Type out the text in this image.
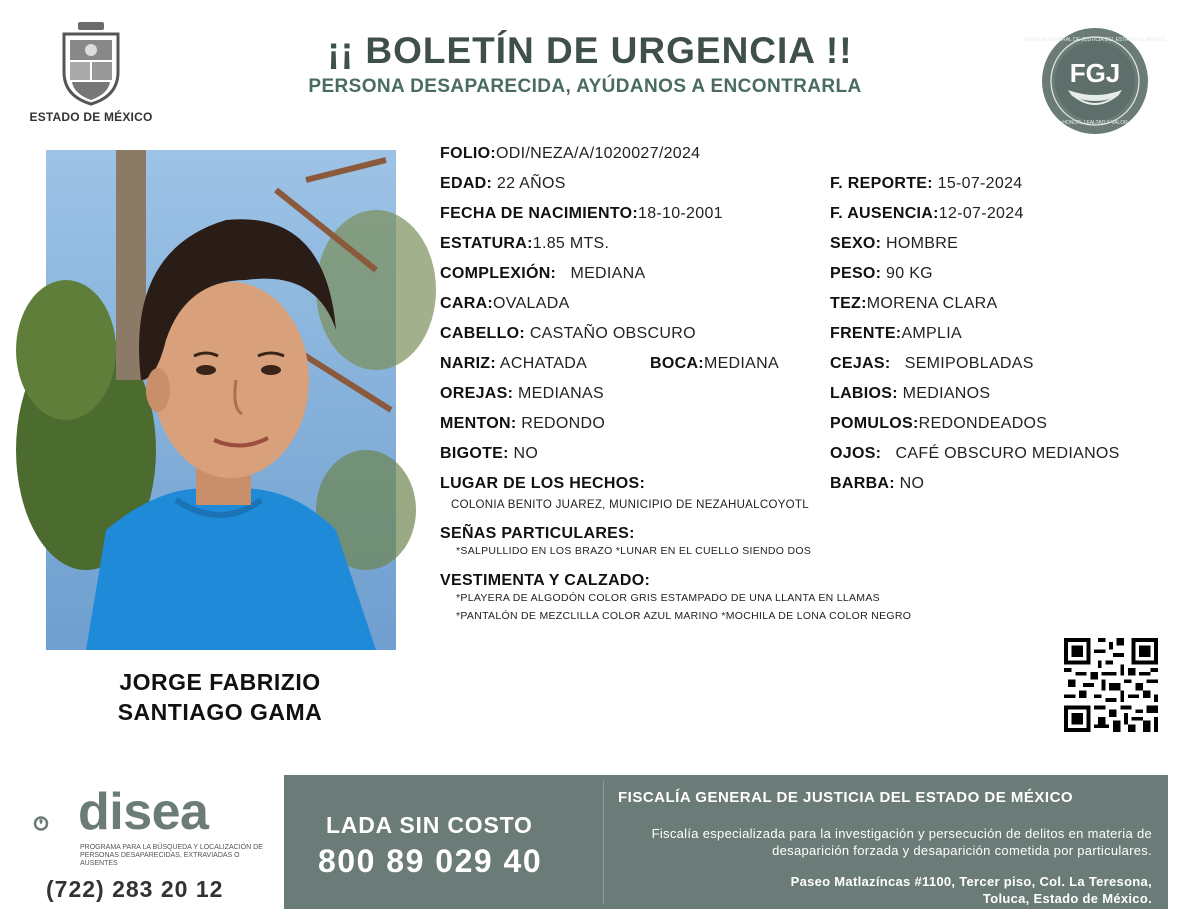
ESTADO DE MÉXICO
¡¡ BOLETÍN DE URGENCIA !!
PERSONA DESAPARECIDA, AYÚDANOS A ENCONTRARLA	FGJ
FISCALÍA GENERAL DE JUSTICIA DEL ESTADO DE MÉXICO
HONOR, LEALTAD Y VALOR
JORGE FABRIZIO
SANTIAGO GAMA
FOLIO:ODI/NEZA/A/1020027/2024
EDAD: 22 AÑOS
FECHA DE NACIMIENTO:18-10-2001
ESTATURA:1.85 MTS.
COMPLEXIÓN: MEDIANA
CARA:OVALADA
CABELLO: CASTAÑO OBSCURO
NARIZ: ACHATADA	BOCA:MEDIANA
OREJAS: MEDIANAS
MENTON: REDONDO
BIGOTE: NO
LUGAR DE LOS HECHOS:
COLONIA BENITO JUAREZ, MUNICIPIO DE NEZAHUALCOYOTL
F. REPORTE: 15-07-2024
F. AUSENCIA:12-07-2024
SEXO: HOMBRE
PESO: 90 KG
TEZ:MORENA CLARA
FRENTE:AMPLIA
CEJAS: SEMIPOBLADAS
LABIOS: MEDIANOS
POMULOS:REDONDEADOS
OJOS: CAFÉ OBSCURO MEDIANOS
BARBA: NO
SEÑAS PARTICULARES:
*SALPULLIDO EN LOS BRAZO *LUNAR EN EL CUELLO SIENDO DOS
VESTIMENTA Y CALZADO:
*PLAYERA DE ALGODÓN COLOR GRIS ESTAMPADO DE UNA LLANTA EN LLAMAS
*PANTALÓN DE MEZCLILLA COLOR AZUL MARINO *MOCHILA DE LONA COLOR NEGRO
disea
PROGRAMA PARA LA BÚSQUEDA Y LOCALIZACIÓN DE PERSONAS DESAPARECIDAS, EXTRAVIADAS O AUSENTES
(722) 283 20 12
LADA SIN COSTO
800 89 029 40
FISCALÍA GENERAL DE JUSTICIA DEL ESTADO DE MÉXICO
Fiscalía especializada para la investigación y persecución de delitos en materia de desaparición forzada y desaparición cometida por particulares.
Paseo Matlazíncas #1100, Tercer piso, Col. La Teresona,
Toluca, Estado de México.
